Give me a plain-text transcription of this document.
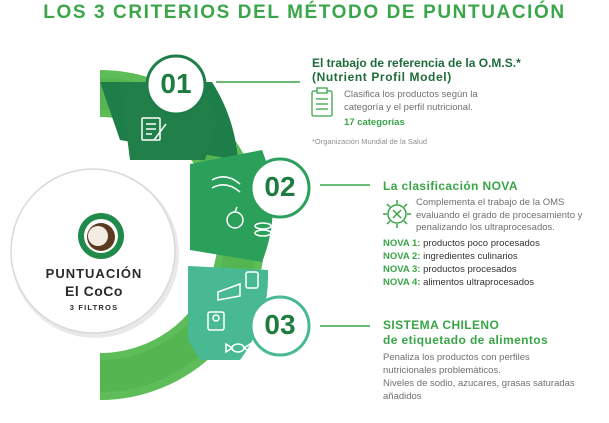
LOS 3 CRITERIOS DEL MÉTODO DE PUNTUACIÓN
01
02
03
PUNTUACIÓN
El CoCo
3 FILTROS
El trabajo de referencia de la O.M.S.*
(Nutrient Profil Model)
Clasifica los productos según la categoría y el perfil nutricional.
17 categorías
*Organización Mundial de la Salud
La clasificación NOVA
Complementa el trabajo de la OMS evaluando el grado de procesamiento y penalizando los ultraprocesados.
NOVA 1: productos poco procesados
NOVA 2: ingredientes culinarios
NOVA 3: productos procesados
NOVA 4: alimentos ultraprocesados
SISTEMA CHILENO
de etiquetado de alimentos
Penaliza los productos con perfiles nutricionales problemáticos.
Niveles de sodio, azucares, grasas saturadas añadidos
